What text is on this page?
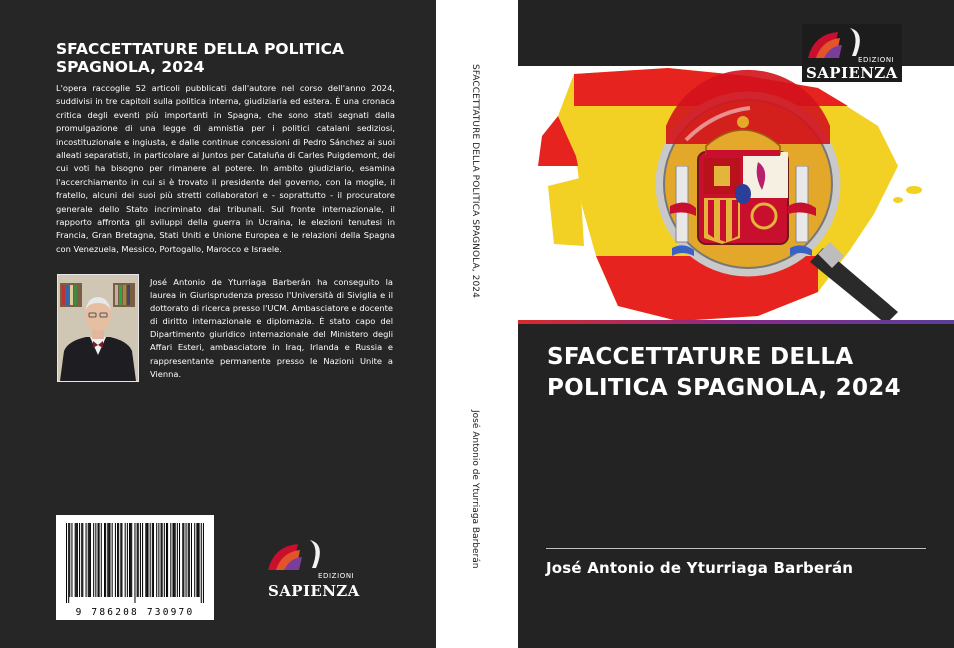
SFACCETTATURE DELLA POLITICA SPAGNOLA, 2024

L'opera raccoglie 52 articoli pubblicati dall'autore nel corso dell'anno 2024, suddivisi in tre capitoli sulla politica interna, giudiziaria ed estera. È una cronaca critica degli eventi più importanti in Spagna, che sono stati segnati dalla promulgazione di una legge di amnistia per i politici catalani sediziosi, incostituzionale e ingiusta, e dalle continue concessioni di Pedro Sánchez ai suoi alleati separatisti, in particolare ai Juntos per Cataluña di Carles Puigdemont, dei cui voti ha bisogno per rimanere al potere. In ambito giudiziario, esamina l'accerchiamento in cui si è trovato il presidente del governo, con la moglie, il fratello, alcuni dei suoi più stretti collaboratori e - soprattutto - il procuratore generale dello Stato incriminato dai tribunali. Sul fronte internazionale, il rapporto affronta gli sviluppi della guerra in Ucraina, le elezioni tenutesi in Francia, Gran Bretagna, Stati Uniti e Unione Europea e le relazioni della Spagna con Venezuela, Messico, Portogallo, Marocco e Israele.

José Antonio de Yturriaga Barberán ha conseguito la laurea in Giurisprudenza presso l'Università di Siviglia e il dottorato di ricerca presso l'UCM. Ambasciatore e docente di diritto internazionale e diplomazia. È stato capo del Dipartimento giuridico internazionale del Ministero degli Affari Esteri, ambasciatore in Iraq, Irlanda e Russia e rappresentante permanente presso le Nazioni Unite a Vienna.

9 786208 730970
EDIZIONI
SAPIENZA
SFACCETTATURE DELLA POLITICA SPAGNOLA, 2024
José Antonio de Yturriaga Barberán
EDIZIONI
SAPIENZA
SFACCETTATURE DELLA POLITICA SPAGNOLA, 2024

José Antonio de Yturriaga Barberán
